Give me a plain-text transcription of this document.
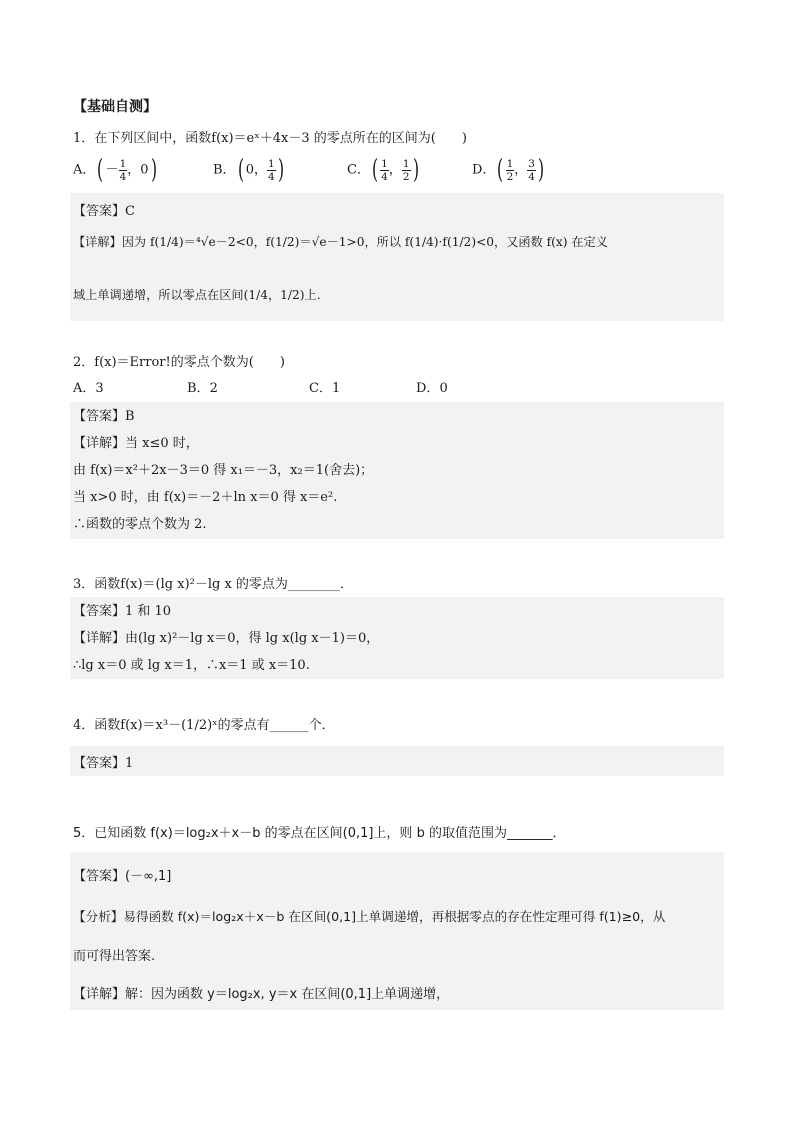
【基础自测】
1．在下列区间中，函数f(x)＝eˣ＋4x－3 的零点所在的区间为(　　)
A．( － $\frac{1}{4}$ ，0)	B．( 0， $\frac{1}{4}$ )	C．( $\frac{1}{4}$ ， $\frac{1}{2}$ )	D．( $\frac{1}{2}$ ， $\frac{3}{4}$ )
【答案】C
【详解】因为 f(1/4)＝⁴√e－2<0，f(1/2)＝√e－1>0，所以 f(1/4)·f(1/2)<0，又函数 f(x) 在定义
域上单调递增，所以零点在区间(1/4，1/2)上.
2．f(x)＝Error!的零点个数为(　　)
A．3	B．2	C．1	D．0
【答案】B
【详解】当 x≤0 时，
由 f(x)＝x²＋2x－3＝0 得 x₁＝－3，x₂＝1(舍去)；
当 x>0 时，由 f(x)＝－2＋ln x＝0 得 x＝e².
∴函数的零点个数为 2.
3．函数f(x)＝(lg x)²－lg x 的零点为________．
【答案】1 和 10
【详解】由(lg x)²－lg x＝0，得 lg x(lg x－1)＝0，
∴lg x＝0 或 lg x＝1，∴x＝1 或 x＝10.
4．函数f(x)＝x³－(1/2)ˣ的零点有______个．
【答案】1
5．已知函数 f(x)＝log₂x＋x－b 的零点在区间(0,1]上，则 b 的取值范围为_______．
【答案】(－∞,1]
【分析】易得函数 f(x)＝log₂x＋x－b 在区间(0,1]上单调递增，再根据零点的存在性定理可得 f(1)≥0，从
而可得出答案.
【详解】解：因为函数 y＝log₂x, y＝x 在区间(0,1]上单调递增，
